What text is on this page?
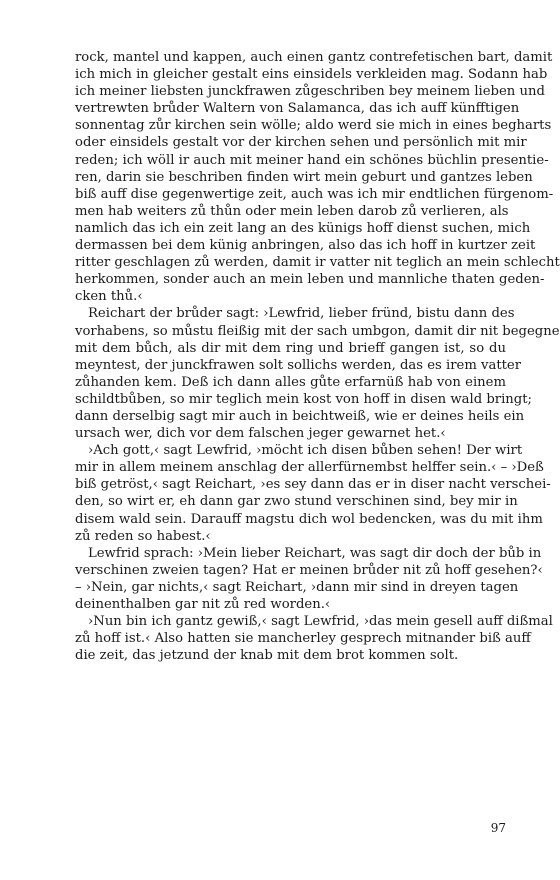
rock, mantel und kappen, auch einen gantz contrefetischen bart, damit
ich mich in gleicher gestalt eins einsidels verkleiden mag. Sodann hab
ich meiner liebsten junckfrawen zůgeschriben bey meinem lieben und
vertrewten brůder Waltern von Salamanca, das ich auff künfftigen
sonnentag zůr kirchen sein wölle; aldo werd sie mich in eines begharts
oder einsidels gestalt vor der kirchen sehen und persönlich mit mir
reden; ich wöll ir auch mit meiner hand ein schönes büchlin presentie-
ren, darin sie beschriben finden wirt mein geburt und gantzes leben
biß auff dise gegenwertige zeit, auch was ich mir endtlichen fürgenom-
men hab weiters zů thůn oder mein leben darob zů verlieren, als
namlich das ich ein zeit lang an des künigs hoff dienst suchen, mich
dermassen bei dem künig anbringen, also das ich hoff in kurtzer zeit
ritter geschlagen zů werden, damit ir vatter nit teglich an mein schlecht
herkommen, sonder auch an mein leben und mannliche thaten geden-
cken thů.‹
Reichart der brůder sagt: ›Lewfrid, lieber fründ, bistu dann des
vorhabens, so můstu fleißig mit der sach umbgon, damit dir nit begegne
mit dem bůch, als dir mit dem ring und brieff gangen ist, so du
meyntest, der junckfrawen solt sollichs werden, das es irem vatter
zůhanden kem. Deß ich dann alles gůte erfarnüß hab von einem
schildtbůben, so mir teglich mein kost von hoff in disen wald bringt;
dann derselbig sagt mir auch in beichtweiß, wie er deines heils ein
ursach wer, dich vor dem falschen jeger gewarnet het.‹
›Ach gott,‹ sagt Lewfrid, ›möcht ich disen bůben sehen! Der wirt
mir in allem meinem anschlag der allerfürnembst helffer sein.‹ – ›Deß
biß getröst,‹ sagt Reichart, ›es sey dann das er in diser nacht verschei-
den, so wirt er, eh dann gar zwo stund verschinen sind, bey mir in
disem wald sein. Darauff magstu dich wol bedencken, was du mit ihm
zů reden so habest.‹
Lewfrid sprach: ›Mein lieber Reichart, was sagt dir doch der bůb in
verschinen zweien tagen? Hat er meinen brůder nit zů hoff gesehen?‹
– ›Nein, gar nichts,‹ sagt Reichart, ›dann mir sind in dreyen tagen
deinenthalben gar nit zů red worden.‹
›Nun bin ich gantz gewiß,‹ sagt Lewfrid, ›das mein gesell auff dißmal
zů hoff ist.‹ Also hatten sie mancherley gesprech mitnander biß auff
die zeit, das jetzund der knab mit dem brot kommen solt.
97
